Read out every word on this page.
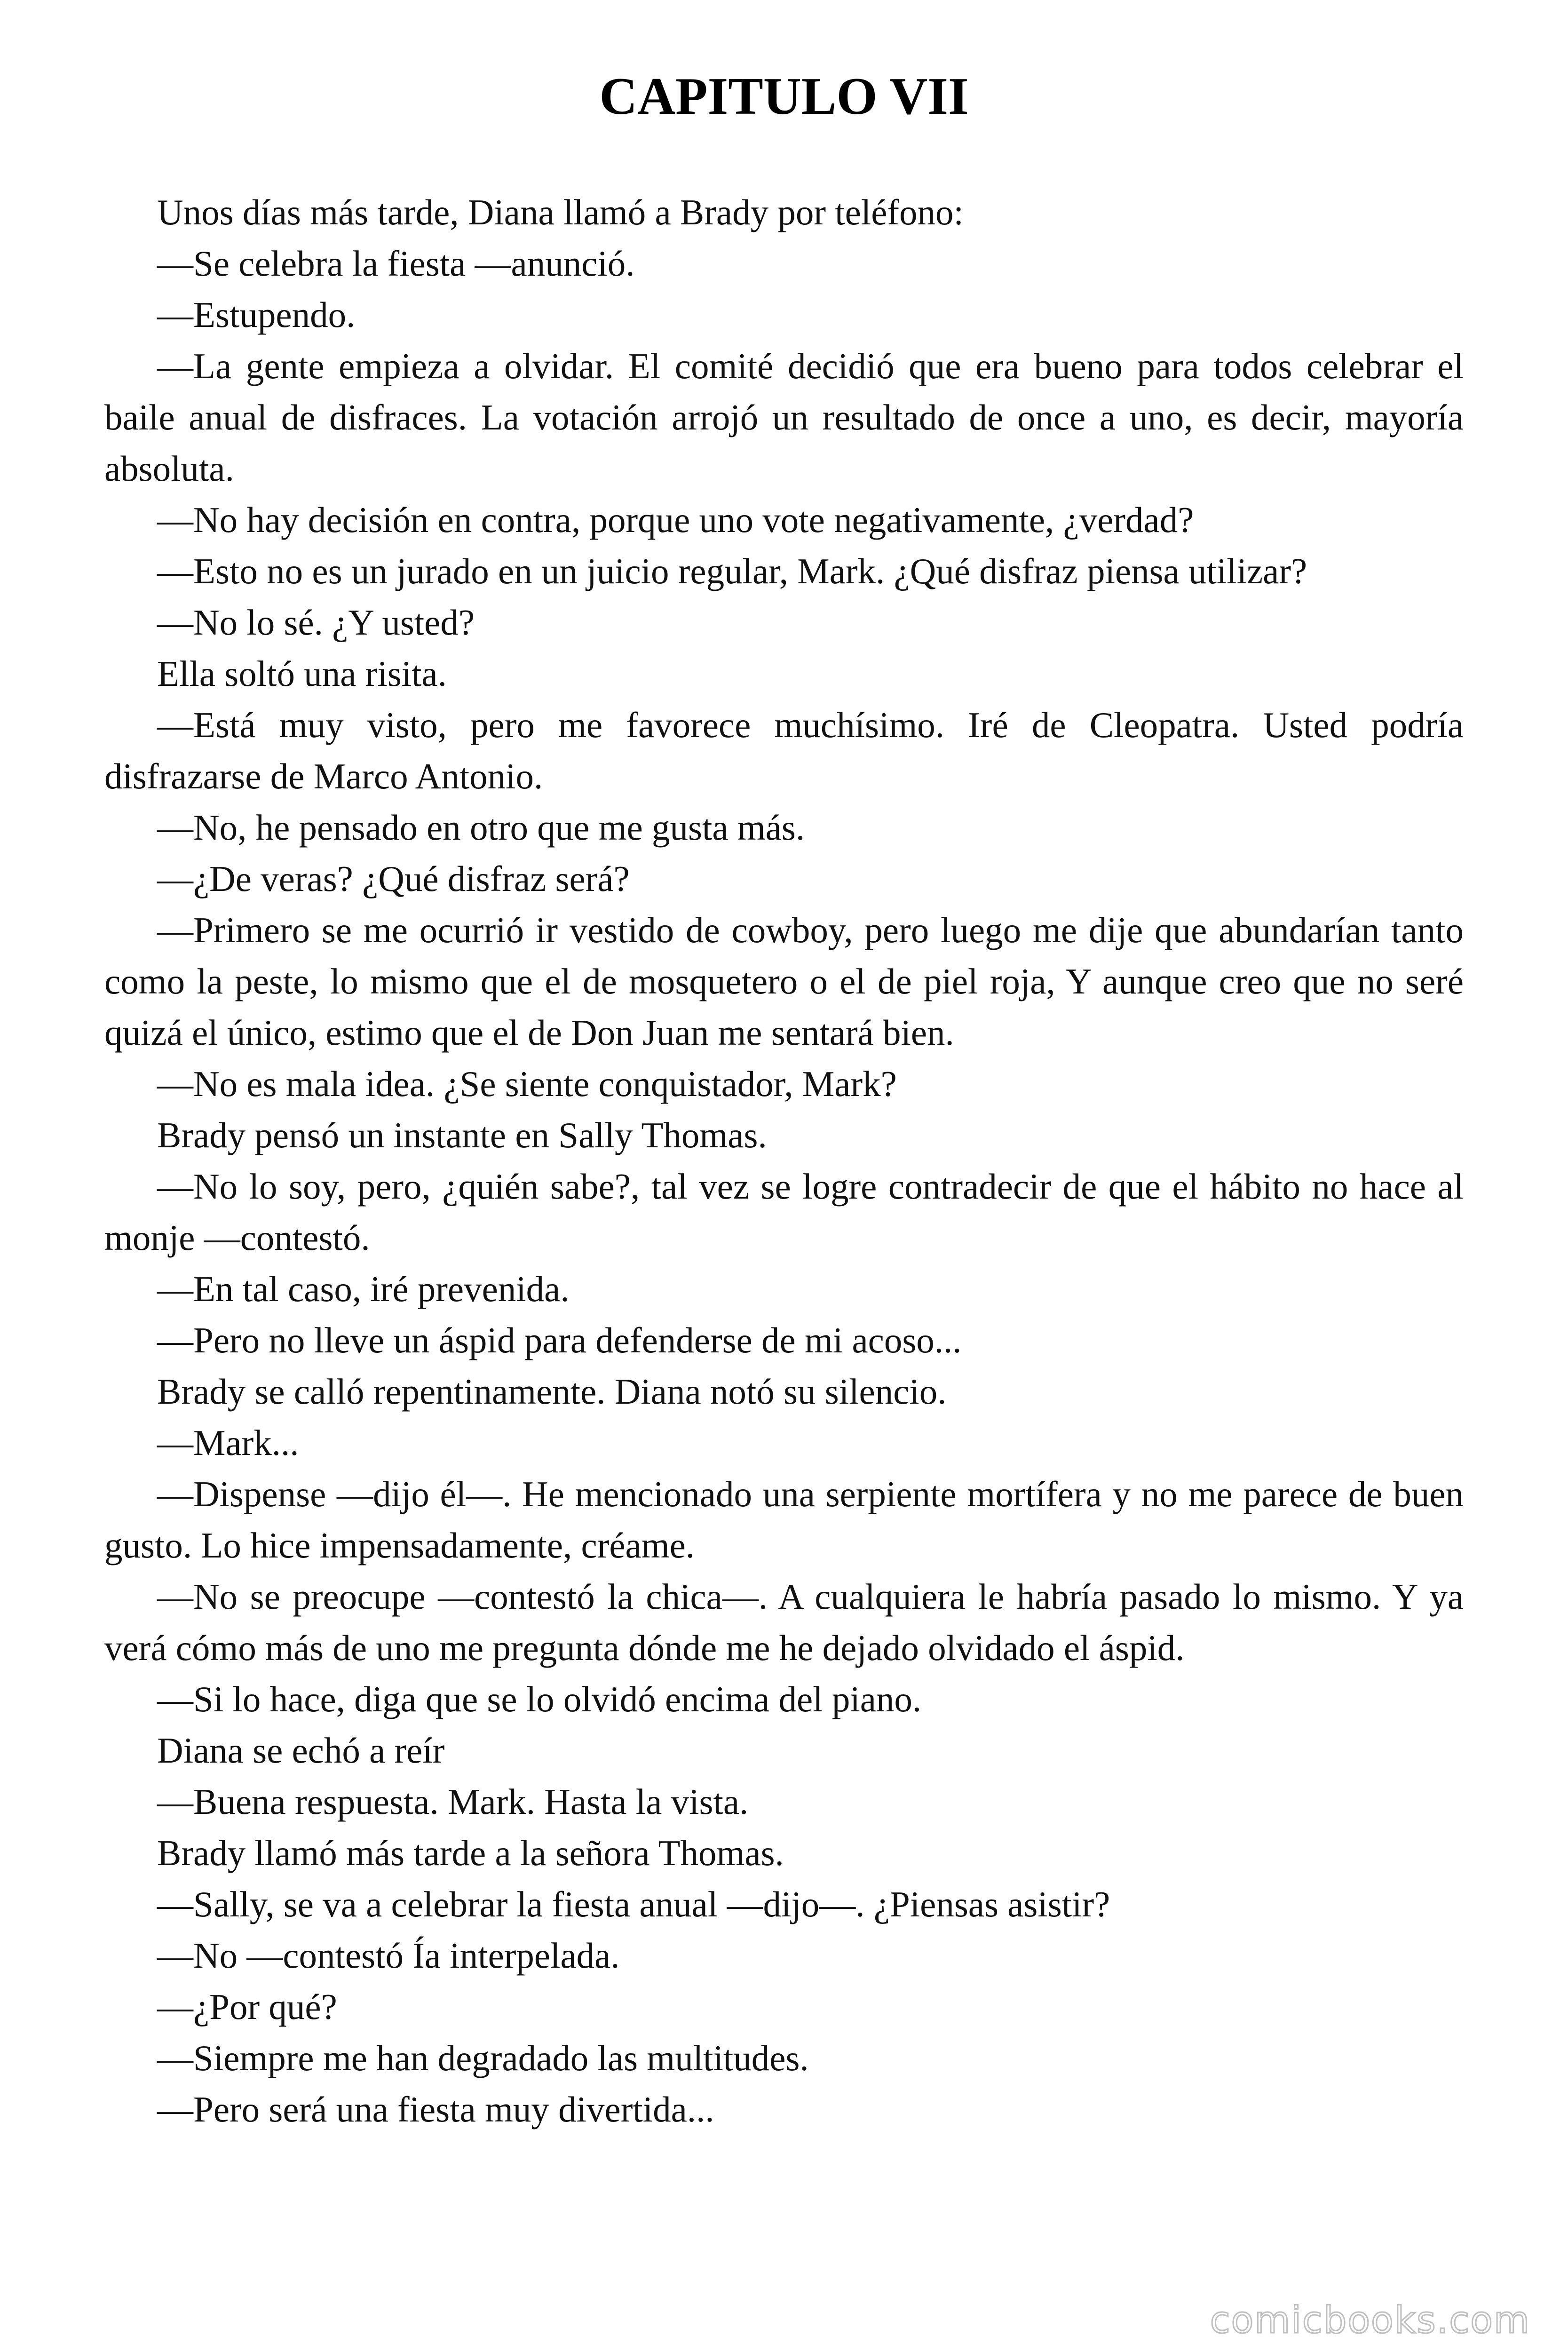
CAPITULO VII

Unos días más tarde, Diana llamó a Brady por teléfono:

—Se celebra la fiesta —anunció.

—Estupendo.

—La gente empieza a olvidar. El comité decidió que era bueno para todos celebrar el baile anual de disfraces. La votación arrojó un resultado de once a uno, es decir, mayoría absoluta.

—No hay decisión en contra, porque uno vote negativamente, ¿verdad?

—Esto no es un jurado en un juicio regular, Mark. ¿Qué disfraz piensa utilizar?

—No lo sé. ¿Y usted?

Ella soltó una risita.

—Está muy visto, pero me favorece muchísimo. Iré de Cleopatra. Usted podría disfrazarse de Marco Antonio.

—No, he pensado en otro que me gusta más.

—¿De veras? ¿Qué disfraz será?

—Primero se me ocurrió ir vestido de cowboy, pero luego me dije que abundarían tanto como la peste, lo mismo que el de mosquetero o el de piel roja, Y aunque creo que no seré quizá el único, estimo que el de Don Juan me sentará bien.

—No es mala idea. ¿Se siente conquistador, Mark?

Brady pensó un instante en Sally Thomas.

—No lo soy, pero, ¿quién sabe?, tal vez se logre contradecir de que el hábito no hace al monje —contestó.

—En tal caso, iré prevenida.

—Pero no lleve un áspid para defenderse de mi acoso...

Brady se calló repentinamente. Diana notó su silencio.

—Mark...

—Dispense —dijo él—. He mencionado una serpiente mortífera y no me parece de buen gusto. Lo hice impensadamente, créame.

—No se preocupe —contestó la chica—. A cualquiera le habría pasado lo mismo. Y ya verá cómo más de uno me pregunta dónde me he dejado olvidado el áspid.

—Si lo hace, diga que se lo olvidó encima del piano.

Diana se echó a reír

—Buena respuesta. Mark. Hasta la vista.

Brady llamó más tarde a la señora Thomas.

—Sally, se va a celebrar la fiesta anual —dijo—. ¿Piensas asistir?

—No —contestó Ía interpelada.

—¿Por qué?

—Siempre me han degradado las multitudes.

—Pero será una fiesta muy divertida...

comicbooks.com
